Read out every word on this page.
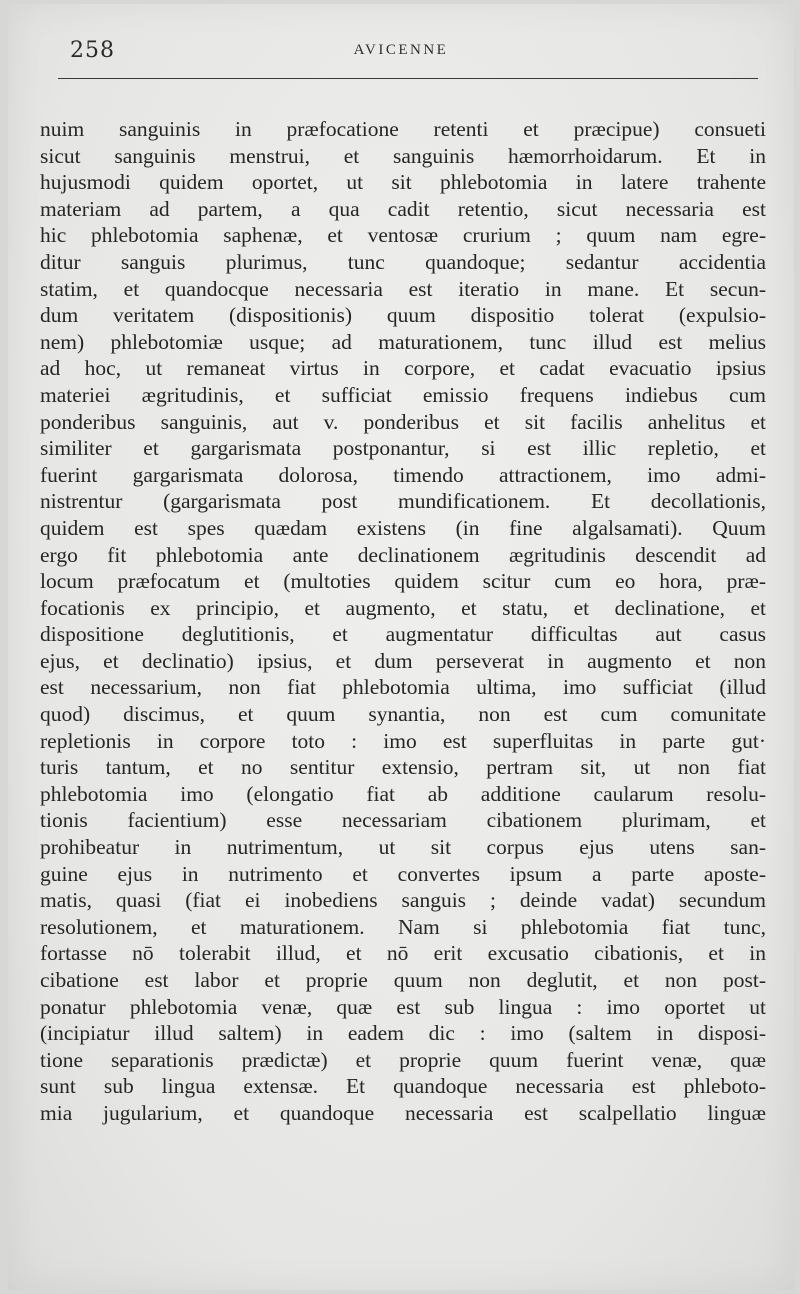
258	AVICENNE
nuim sanguinis in præfocatione retenti et præcipue) consueti
sicut sanguinis menstrui, et sanguinis hæmorrhoidarum. Et in
hujusmodi quidem oportet, ut sit phlebotomia in latere trahente
materiam ad partem, a qua cadit retentio, sicut necessaria est
hic phlebotomia saphenæ, et ventosæ crurium ; quum nam egre-
ditur sanguis plurimus, tunc quandoque; sedantur accidentia
statim, et quandocque necessaria est iteratio in mane. Et secun-
dum veritatem (dispositionis) quum dispositio tolerat (expulsio-
nem) phlebotomiæ usque; ad maturationem, tunc illud est melius
ad hoc, ut remaneat virtus in corpore, et cadat evacuatio ipsius
materiei ægritudinis, et sufficiat emissio frequens indiebus cum
ponderibus sanguinis, aut v. ponderibus et sit facilis anhelitus et
similiter et gargarismata postponantur, si est illic repletio, et
fuerint gargarismata dolorosa, timendo attractionem, imo admi-
nistrentur (gargarismata post mundificationem. Et decollationis,
quidem est spes quædam existens (in fine algalsamati). Quum
ergo fit phlebotomia ante declinationem ægritudinis descendit ad
locum præfocatum et (multoties quidem scitur cum eo hora, præ-
focationis ex principio, et augmento, et statu, et declinatione, et
dispositione deglutitionis, et augmentatur difficultas aut casus
ejus, et declinatio) ipsius, et dum perseverat in augmento et non
est necessarium, non fiat phlebotomia ultima, imo sufficiat (illud
quod) discimus, et quum synantia, non est cum comunitate
repletionis in corpore toto : imo est superfluitas in parte gut·
turis tantum, et no sentitur extensio, pertram sit, ut non fiat
phlebotomia imo (elongatio fiat ab additione caularum resolu-
tionis facientium) esse necessariam cibationem plurimam, et
prohibeatur in nutrimentum, ut sit corpus ejus utens san-
guine ejus in nutrimento et convertes ipsum a parte aposte-
matis, quasi (fiat ei inobediens sanguis ; deinde vadat) secundum
resolutionem, et maturationem. Nam si phlebotomia fiat tunc,
fortasse nō tolerabit illud, et nō erit excusatio cibationis, et in
cibatione est labor et proprie quum non deglutit, et non post-
ponatur phlebotomia venæ, quæ est sub lingua : imo oportet ut
(incipiatur illud saltem) in eadem dic : imo (saltem in disposi-
tione separationis prædictæ) et proprie quum fuerint venæ, quæ
sunt sub lingua extensæ. Et quandoque necessaria est phleboto-
mia jugularium, et quandoque necessaria est scalpellatio linguæ
